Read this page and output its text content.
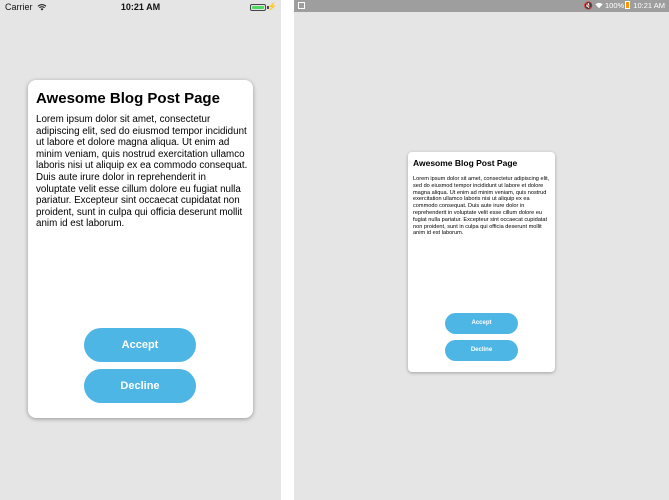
Carrier	10:21 AM	⚡
Awesome Blog Post Page
Lorem ipsum dolor sit amet, consectetur adipiscing elit, sed do eiusmod tempor incididunt ut labore et dolore magna aliqua. Ut enim ad minim veniam, quis nostrud exercitation ullamco laboris nisi ut aliquip ex ea commodo consequat. Duis aute irure dolor in reprehenderit in voluptate velit esse cillum dolore eu fugiat nulla pariatur. Excepteur sint occaecat cupidatat non proident, sunt in culpa qui officia deserunt mollit anim id est laborum.
Accept
Decline
🔇 100% 10:21 AM
Awesome Blog Post Page
Lorem ipsum dolor sit amet, consectetur adipiscing elit, sed do eiusmod tempor incididunt ut labore et dolore magna aliqua. Ut enim ad minim veniam, quis nostrud exercitation ullamco laboris nisi ut aliquip ex ea commodo consequat. Duis aute irure dolor in reprehenderit in voluptate velit esse cillum dolore eu fugiat nulla pariatur. Excepteur sint occaecat cupidatat non proident, sunt in culpa qui officia deserunt mollit anim id est laborum.
Accept
Decline
